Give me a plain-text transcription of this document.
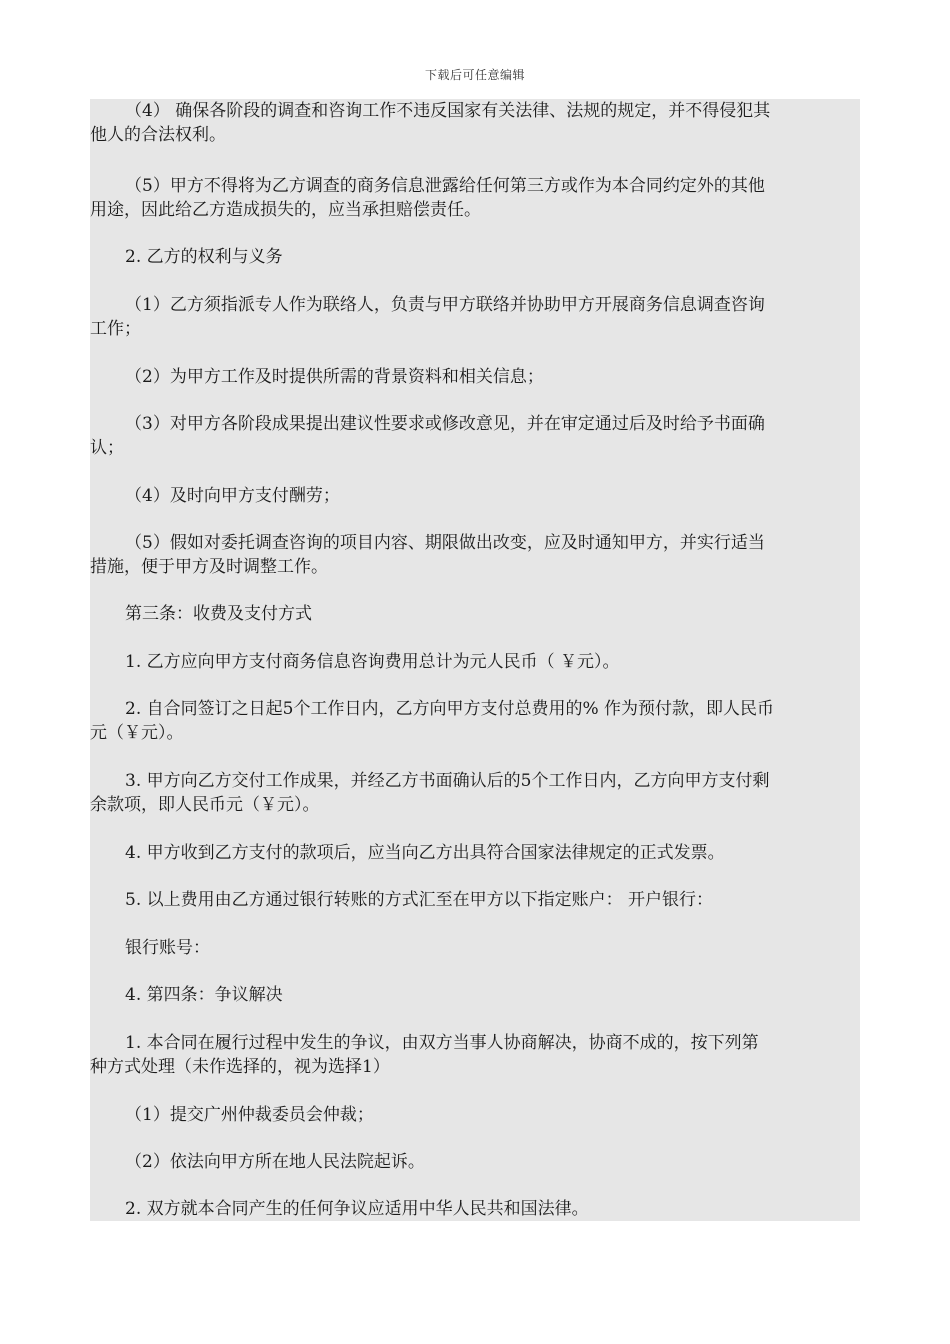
下载后可任意编辑

（4） 确保各阶段的调查和咨询工作不违反国家有关法律、法规的规定，并不得侵犯其
他人的合法权利。

（5）甲方不得将为乙方调查的商务信息泄露给任何第三方或作为本合同约定外的其他
用途，因此给乙方造成损失的，应当承担赔偿责任。

2. 乙方的权利与义务

（1）乙方须指派专人作为联络人，负责与甲方联络并协助甲方开展商务信息调查咨询
工作；

（2）为甲方工作及时提供所需的背景资料和相关信息；

（3）对甲方各阶段成果提出建议性要求或修改意见，并在审定通过后及时给予书面确
认；

（4）及时向甲方支付酬劳；

（5）假如对委托调查咨询的项目内容、期限做出改变，应及时通知甲方，并实行适当
措施，便于甲方及时调整工作。

第三条：收费及支付方式

1. 乙方应向甲方支付商务信息咨询费用总计为元人民币（ ￥元）。

2. 自合同签订之日起5个工作日内，乙方向甲方支付总费用的% 作为预付款，即人民币
元（￥元）。

3. 甲方向乙方交付工作成果，并经乙方书面确认后的5个工作日内，乙方向甲方支付剩
余款项，即人民币元（￥元）。

4. 甲方收到乙方支付的款项后，应当向乙方出具符合国家法律规定的正式发票。

5. 以上费用由乙方通过银行转账的方式汇至在甲方以下指定账户： 开户银行：

银行账号：

4. 第四条：争议解决

1. 本合同在履行过程中发生的争议，由双方当事人协商解决，协商不成的，按下列第
种方式处理（未作选择的，视为选择1）

（1）提交广州仲裁委员会仲裁；

（2）依法向甲方所在地人民法院起诉。

2. 双方就本合同产生的任何争议应适用中华人民共和国法律。
